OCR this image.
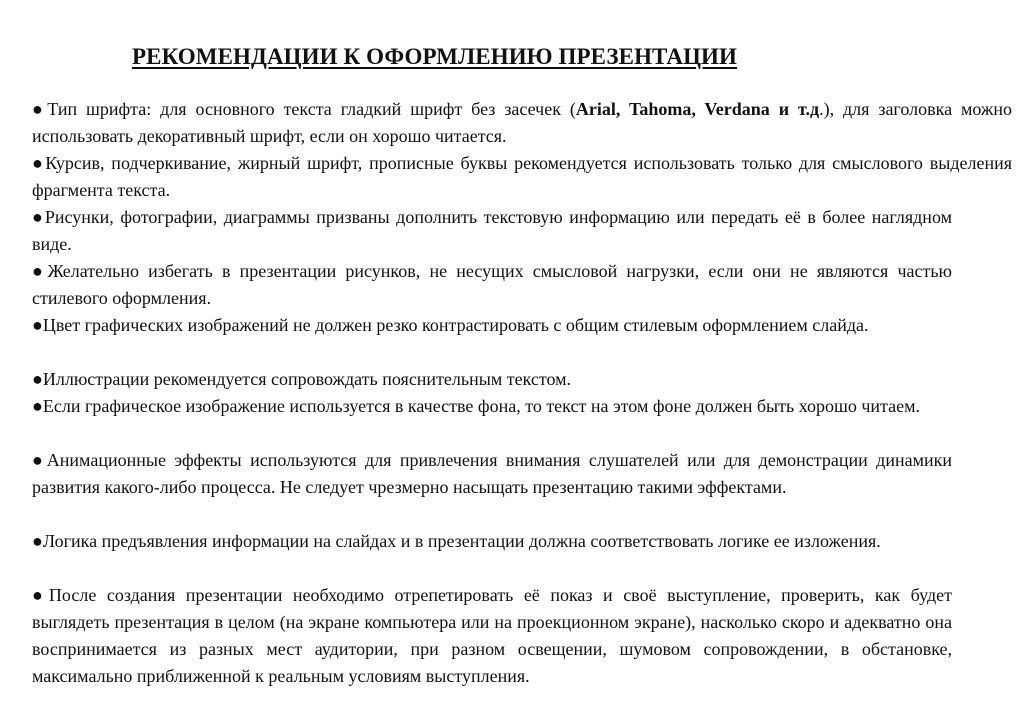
РЕКОМЕНДАЦИИ К ОФОРМЛЕНИЮ ПРЕЗЕНТАЦИИ

●Тип шрифта: для основного текста гладкий шрифт без засечек (Arial, Tahoma, Verdana и т.д.), для заголовка можно использовать декоративный шрифт, если он хорошо читается.

●Курсив, подчеркивание, жирный шрифт, прописные буквы рекомендуется использовать только для смыслового выделения фрагмента текста.

●Рисунки, фотографии, диаграммы призваны дополнить текстовую информацию или передать её в более наглядном виде.

●Желательно избегать в презентации рисунков, не несущих смысловой нагрузки, если они не являются частью стилевого оформления.

●Цвет графических изображений не должен резко контрастировать с общим стилевым оформлением слайда.

●Иллюстрации рекомендуется сопровождать пояснительным текстом.

●Если графическое изображение используется в качестве фона, то текст на этом фоне должен быть хорошо читаем.

●Анимационные эффекты используются для привлечения внимания слушателей или для демонстрации динамики развития какого-либо процесса. Не следует чрезмерно насыщать презентацию такими эффектами.

●Логика предъявления информации на слайдах и в презентации должна соответствовать логике ее изложения.

●После создания презентации необходимо отрепетировать её показ и своё выступление, проверить, как будет выглядеть презентация в целом (на экране компьютера или на проекционном экране), насколько скоро и адекватно она воспринимается из разных мест аудитории, при разном освещении, шумовом сопровождении, в обстановке, максимально приближенной к реальным условиям выступления.
